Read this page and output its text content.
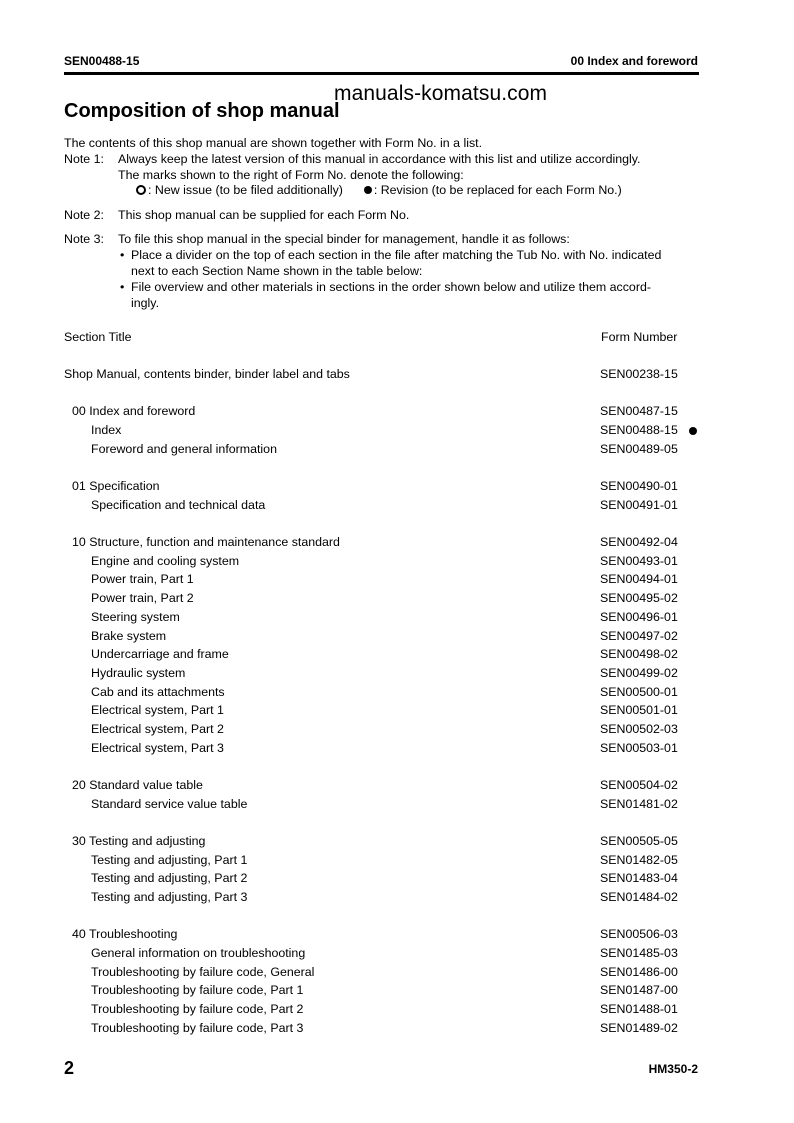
SEN00488-15	00 Index and foreword
manuals-komatsu.com
Composition of shop manual
The contents of this shop manual are shown together with Form No. in a list.
Note 1: Always keep the latest version of this manual in accordance with this list and utilize accordingly.
The marks shown to the right of Form No. denote the following:
: New issue (to be filed additionally) : Revision (to be replaced for each Form No.)
Note 2: This shop manual can be supplied for each Form No.
Note 3: To file this shop manual in the special binder for management, handle it as follows:
• Place a divider on the top of each section in the file after matching the Tub No. with No. indicated
next to each Section Name shown in the table below:
• File overview and other materials in sections in the order shown below and utilize them accord-
ingly.
Section Title	Form Number
Shop Manual, contents binder, binder label and tabs	SEN00238-15
00 Index and foreword	SEN00487-15
Index	SEN00488-15
Foreword and general information	SEN00489-05
01 Specification	SEN00490-01
Specification and technical data	SEN00491-01
10 Structure, function and maintenance standard	SEN00492-04
Engine and cooling system	SEN00493-01
Power train, Part 1	SEN00494-01
Power train, Part 2	SEN00495-02
Steering system	SEN00496-01
Brake system	SEN00497-02
Undercarriage and frame	SEN00498-02
Hydraulic system	SEN00499-02
Cab and its attachments	SEN00500-01
Electrical system, Part 1	SEN00501-01
Electrical system, Part 2	SEN00502-03
Electrical system, Part 3	SEN00503-01
20 Standard value table	SEN00504-02
Standard service value table	SEN01481-02
30 Testing and adjusting	SEN00505-05
Testing and adjusting, Part 1	SEN01482-05
Testing and adjusting, Part 2	SEN01483-04
Testing and adjusting, Part 3	SEN01484-02
40 Troubleshooting	SEN00506-03
General information on troubleshooting	SEN01485-03
Troubleshooting by failure code, General	SEN01486-00
Troubleshooting by failure code, Part 1	SEN01487-00
Troubleshooting by failure code, Part 2	SEN01488-01
Troubleshooting by failure code, Part 3	SEN01489-02
2	HM350-2
